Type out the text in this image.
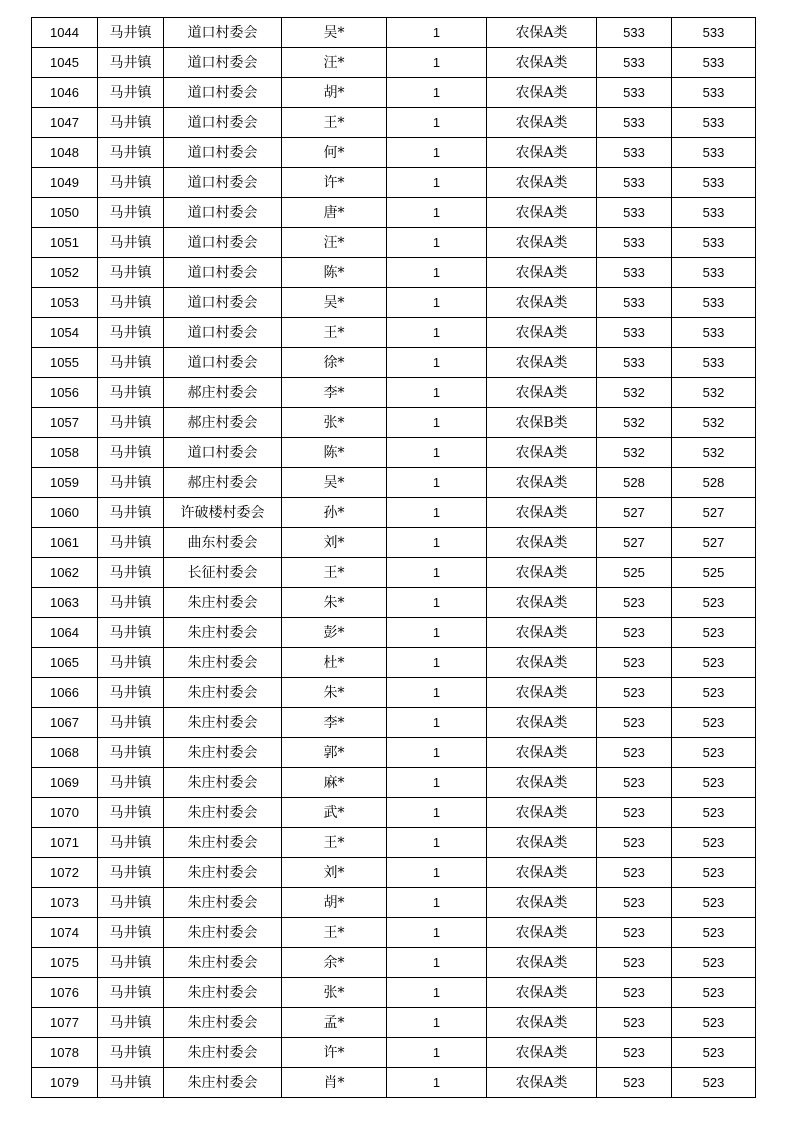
1044	马井镇	道口村委会	吴*	1	农保A类	533	533
1045	马井镇	道口村委会	汪*	1	农保A类	533	533
1046	马井镇	道口村委会	胡*	1	农保A类	533	533
1047	马井镇	道口村委会	王*	1	农保A类	533	533
1048	马井镇	道口村委会	何*	1	农保A类	533	533
1049	马井镇	道口村委会	许*	1	农保A类	533	533
1050	马井镇	道口村委会	唐*	1	农保A类	533	533
1051	马井镇	道口村委会	汪*	1	农保A类	533	533
1052	马井镇	道口村委会	陈*	1	农保A类	533	533
1053	马井镇	道口村委会	吴*	1	农保A类	533	533
1054	马井镇	道口村委会	王*	1	农保A类	533	533
1055	马井镇	道口村委会	徐*	1	农保A类	533	533
1056	马井镇	郝庄村委会	李*	1	农保A类	532	532
1057	马井镇	郝庄村委会	张*	1	农保B类	532	532
1058	马井镇	道口村委会	陈*	1	农保A类	532	532
1059	马井镇	郝庄村委会	吴*	1	农保A类	528	528
1060	马井镇	许破楼村委会	孙*	1	农保A类	527	527
1061	马井镇	曲东村委会	刘*	1	农保A类	527	527
1062	马井镇	长征村委会	王*	1	农保A类	525	525
1063	马井镇	朱庄村委会	朱*	1	农保A类	523	523
1064	马井镇	朱庄村委会	彭*	1	农保A类	523	523
1065	马井镇	朱庄村委会	杜*	1	农保A类	523	523
1066	马井镇	朱庄村委会	朱*	1	农保A类	523	523
1067	马井镇	朱庄村委会	李*	1	农保A类	523	523
1068	马井镇	朱庄村委会	郭*	1	农保A类	523	523
1069	马井镇	朱庄村委会	麻*	1	农保A类	523	523
1070	马井镇	朱庄村委会	武*	1	农保A类	523	523
1071	马井镇	朱庄村委会	王*	1	农保A类	523	523
1072	马井镇	朱庄村委会	刘*	1	农保A类	523	523
1073	马井镇	朱庄村委会	胡*	1	农保A类	523	523
1074	马井镇	朱庄村委会	王*	1	农保A类	523	523
1075	马井镇	朱庄村委会	余*	1	农保A类	523	523
1076	马井镇	朱庄村委会	张*	1	农保A类	523	523
1077	马井镇	朱庄村委会	孟*	1	农保A类	523	523
1078	马井镇	朱庄村委会	许*	1	农保A类	523	523
1079	马井镇	朱庄村委会	肖*	1	农保A类	523	523
